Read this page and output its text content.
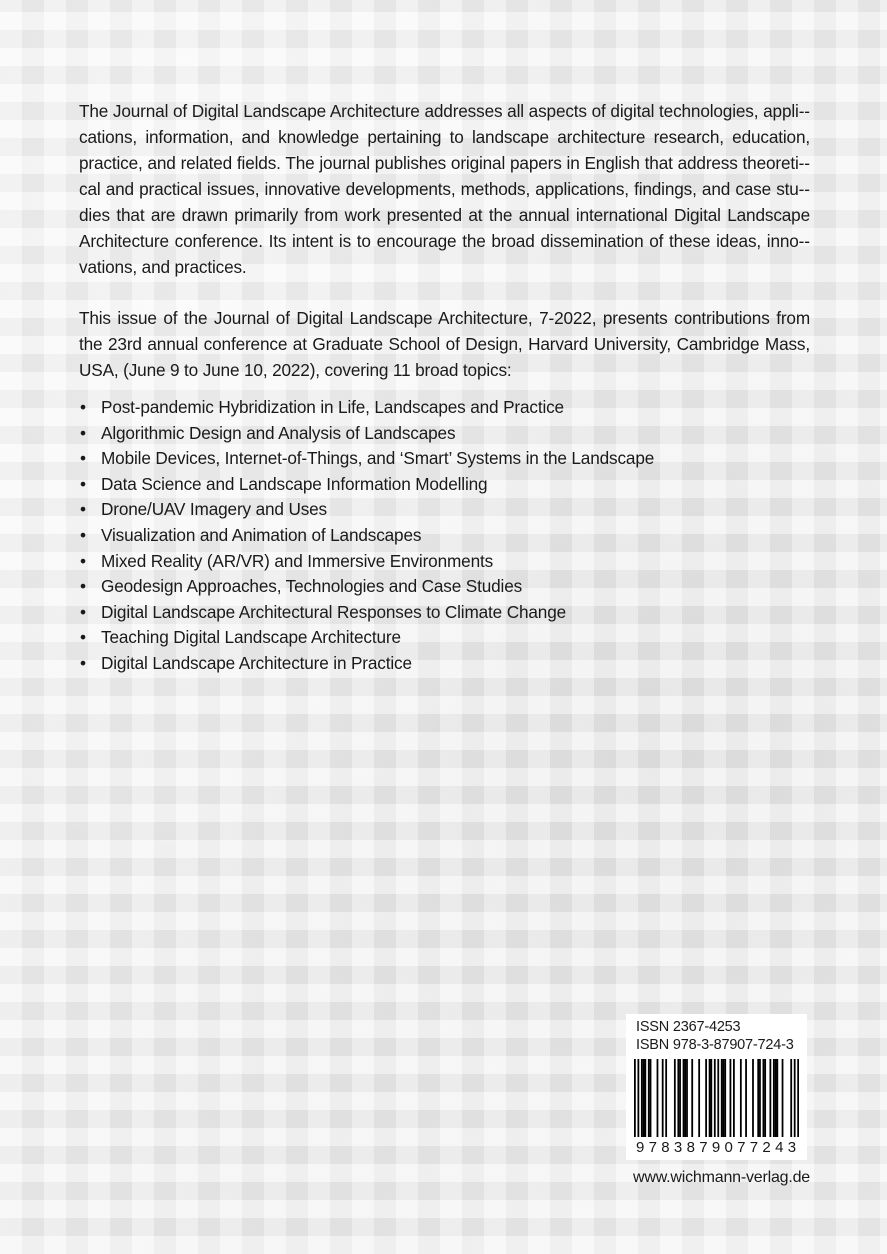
The Journal of Digital Landscape Architecture addresses all aspects of digital technologies, appli-cations, information, and knowledge pertaining to landscape architecture research, education, practice, and related fields. The journal publishes original papers in English that address theoreti-cal and practical issues, innovative developments, methods, applications, findings, and case stu-dies that are drawn primarily from work presented at the annual international Digital Landscape Architecture conference. Its intent is to encourage the broad dissemination of these ideas, inno-vations, and practices.

This issue of the Journal of Digital Landscape Architecture, 7-2022, presents contributions from the 23rd annual conference at Graduate School of Design, Harvard University, Cambridge Mass, USA, (June 9 to June 10, 2022), covering 11 broad topics:

• Post-pandemic Hybridization in Life, Landscapes and Practice
• Algorithmic Design and Analysis of Landscapes
• Mobile Devices, Internet-of-Things, and ‘Smart’ Systems in the Landscape
• Data Science and Landscape Information Modelling
• Drone/UAV Imagery and Uses
• Visualization and Animation of Landscapes
• Mixed Reality (AR/VR) and Immersive Environments
• Geodesign Approaches, Technologies and Case Studies
• Digital Landscape Architectural Responses to Climate Change
• Teaching Digital Landscape Architecture
• Digital Landscape Architecture in Practice
ISSN 2367-4253
ISBN 978-3-87907-724-3
9783879077243
www.wichmann-verlag.de
